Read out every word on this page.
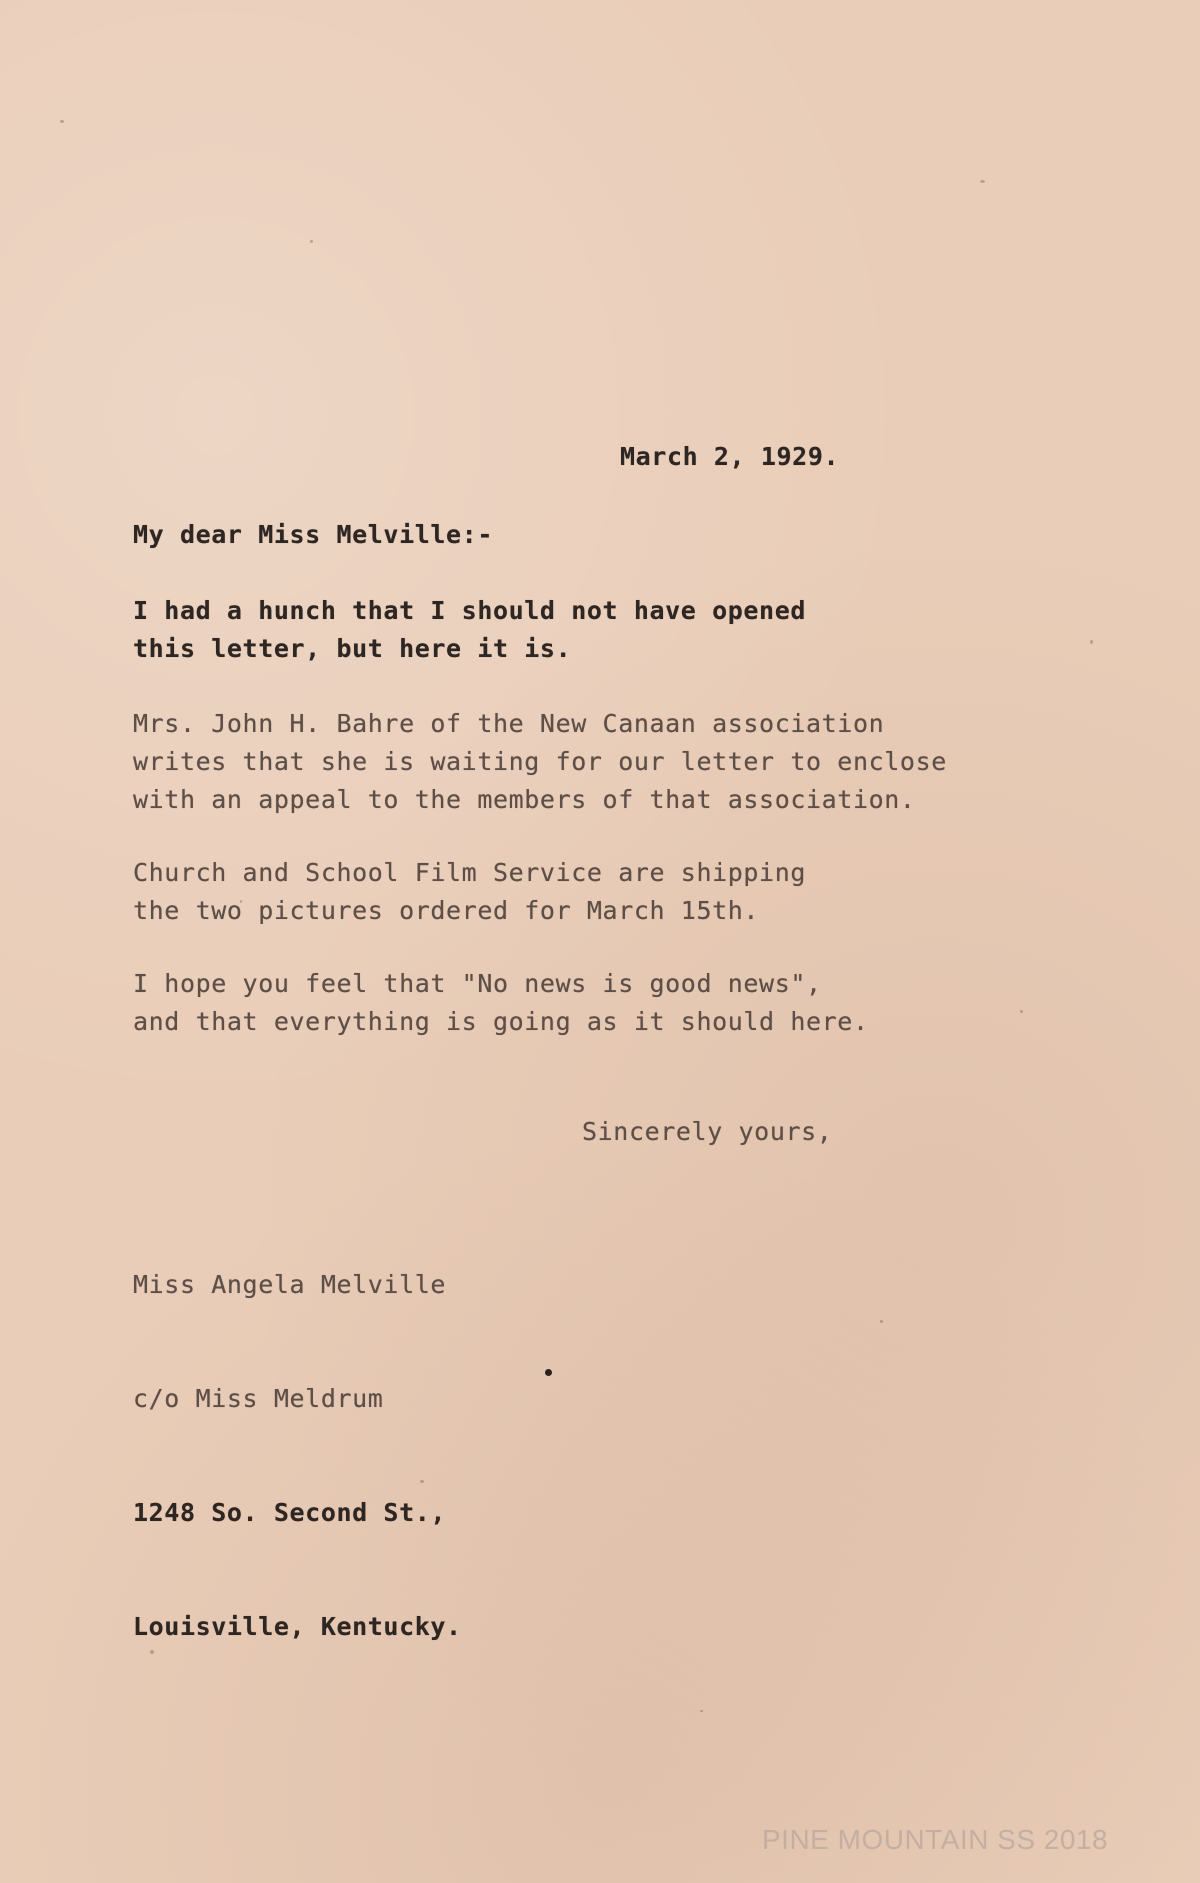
March 2, 1929.
My dear Miss Melville:-
I had a hunch that I should not have opened
this letter, but here it is.
Mrs. John H. Bahre of the New Canaan association
writes that she is waiting for our letter to enclose
with an appeal to the members of that association.
Church and School Film Service are shipping
the two pictures ordered for March 15th.
I hope you feel that "No news is good news",
and that everything is going as it should here.
Sincerely yours,

Miss Angela Melville

c/o Miss Meldrum

1248 So. Second St.,

Louisville, Kentucky.

PINE MOUNTAIN SS 2018
